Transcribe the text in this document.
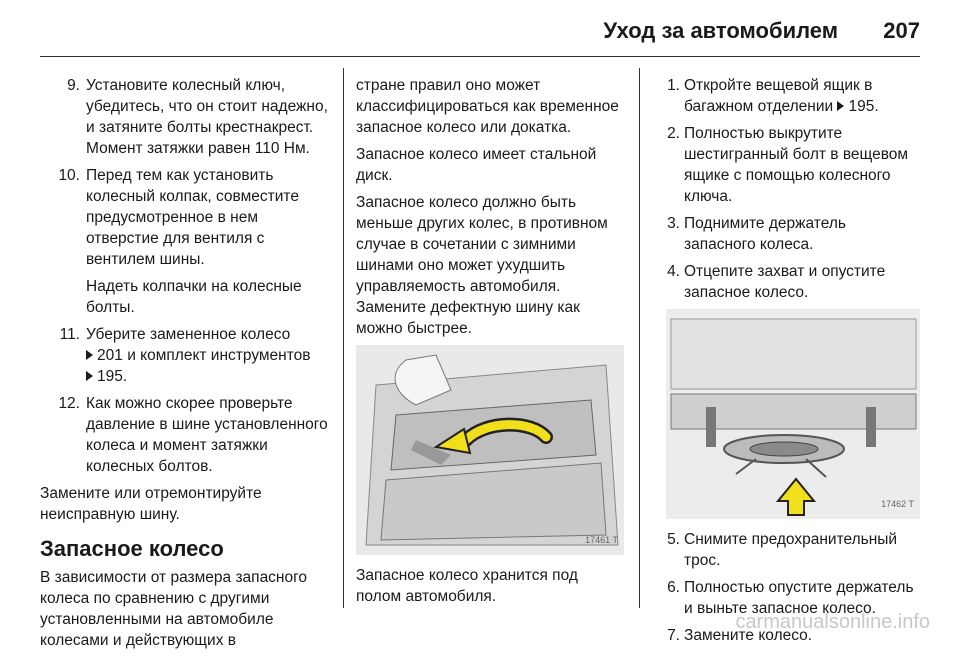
Уход за автомобилем 207
9. Установите колесный ключ, убедитесь, что он стоит надежно, и затяните болты крестнакрест. Момент затяжки равен 110 Нм.
10. Перед тем как установить колесный колпак, совместите предусмотренное в нем отверстие для вентиля с вентилем шины.
Надеть колпачки на колесные болты.
11. Уберите замененное колесо
201 и комплект инструментов
195.
12. Как можно скорее проверьте давление в шине установленного колеса и момент затяжки колесных болтов.

Замените или отремонтируйте неисправную шину.

Запасное колесо

В зависимости от размера запасного колеса по сравнению с другими установленными на автомобиле колесами и действующих в

стране правил оно может классифицироваться как временное запасное колесо или докатка.

Запасное колесо имеет стальной диск.

Запасное колесо должно быть меньше других колес, в противном случае в сочетании с зимними шинами оно может ухудшить управляемость автомобиля. Замените дефектную шину как можно быстрее.

17461 T

Запасное колесо хранится под полом автомобиля.

1. Откройте вещевой ящик в багажном отделении 195.
2. Полностью выкрутите шестигранный болт в вещевом ящике с помощью колесного ключа.
3. Поднимите держатель запасного колеса.
4. Отцепите захват и опустите запасное колесо.
17462 T
5. Снимите предохранительный трос.
6. Полностью опустите держатель и выньте запасное колесо.
7. Замените колесо.
carmanualsonline.info
